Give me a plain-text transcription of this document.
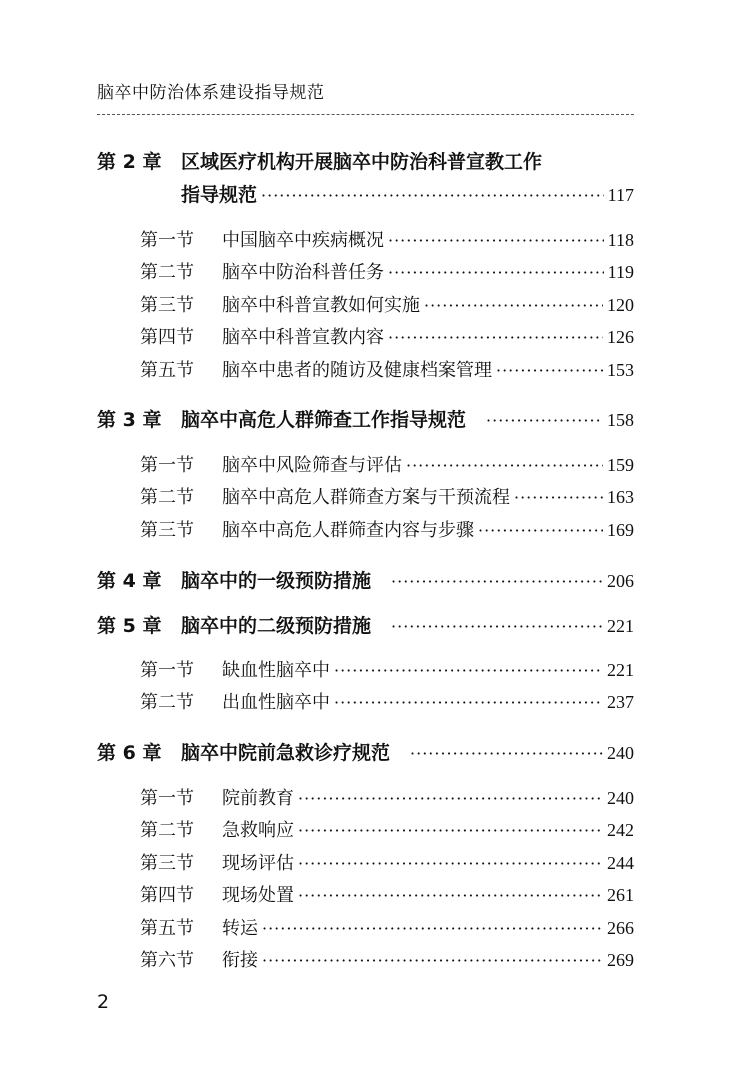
脑卒中防治体系建设指导规范
第 2 章	区域医疗机构开展脑卒中防治科普宣教工作
指导规范 ·····	117
第一节	中国脑卒中疾病概况 ·····	118
第二节	脑卒中防治科普任务 ·····	119
第三节	脑卒中科普宣教如何实施 ·····	120
第四节	脑卒中科普宣教内容 ·····	126
第五节	脑卒中患者的随访及健康档案管理 ·····	153
第 3 章	脑卒中高危人群筛查工作指导规范 ·····	158
第一节	脑卒中风险筛查与评估 ·····	159
第二节	脑卒中高危人群筛查方案与干预流程 ·····	163
第三节	脑卒中高危人群筛查内容与步骤 ·····	169
第 4 章	脑卒中的一级预防措施 ·····	206
第 5 章	脑卒中的二级预防措施 ·····	221
第一节	缺血性脑卒中 ·····	221
第二节	出血性脑卒中 ·····	237
第 6 章	脑卒中院前急救诊疗规范 ·····	240
第一节	院前教育 ·····	240
第二节	急救响应 ·····	242
第三节	现场评估 ·····	244
第四节	现场处置 ·····	261
第五节	转运 ·····	266
第六节	衔接 ·····	269
2
